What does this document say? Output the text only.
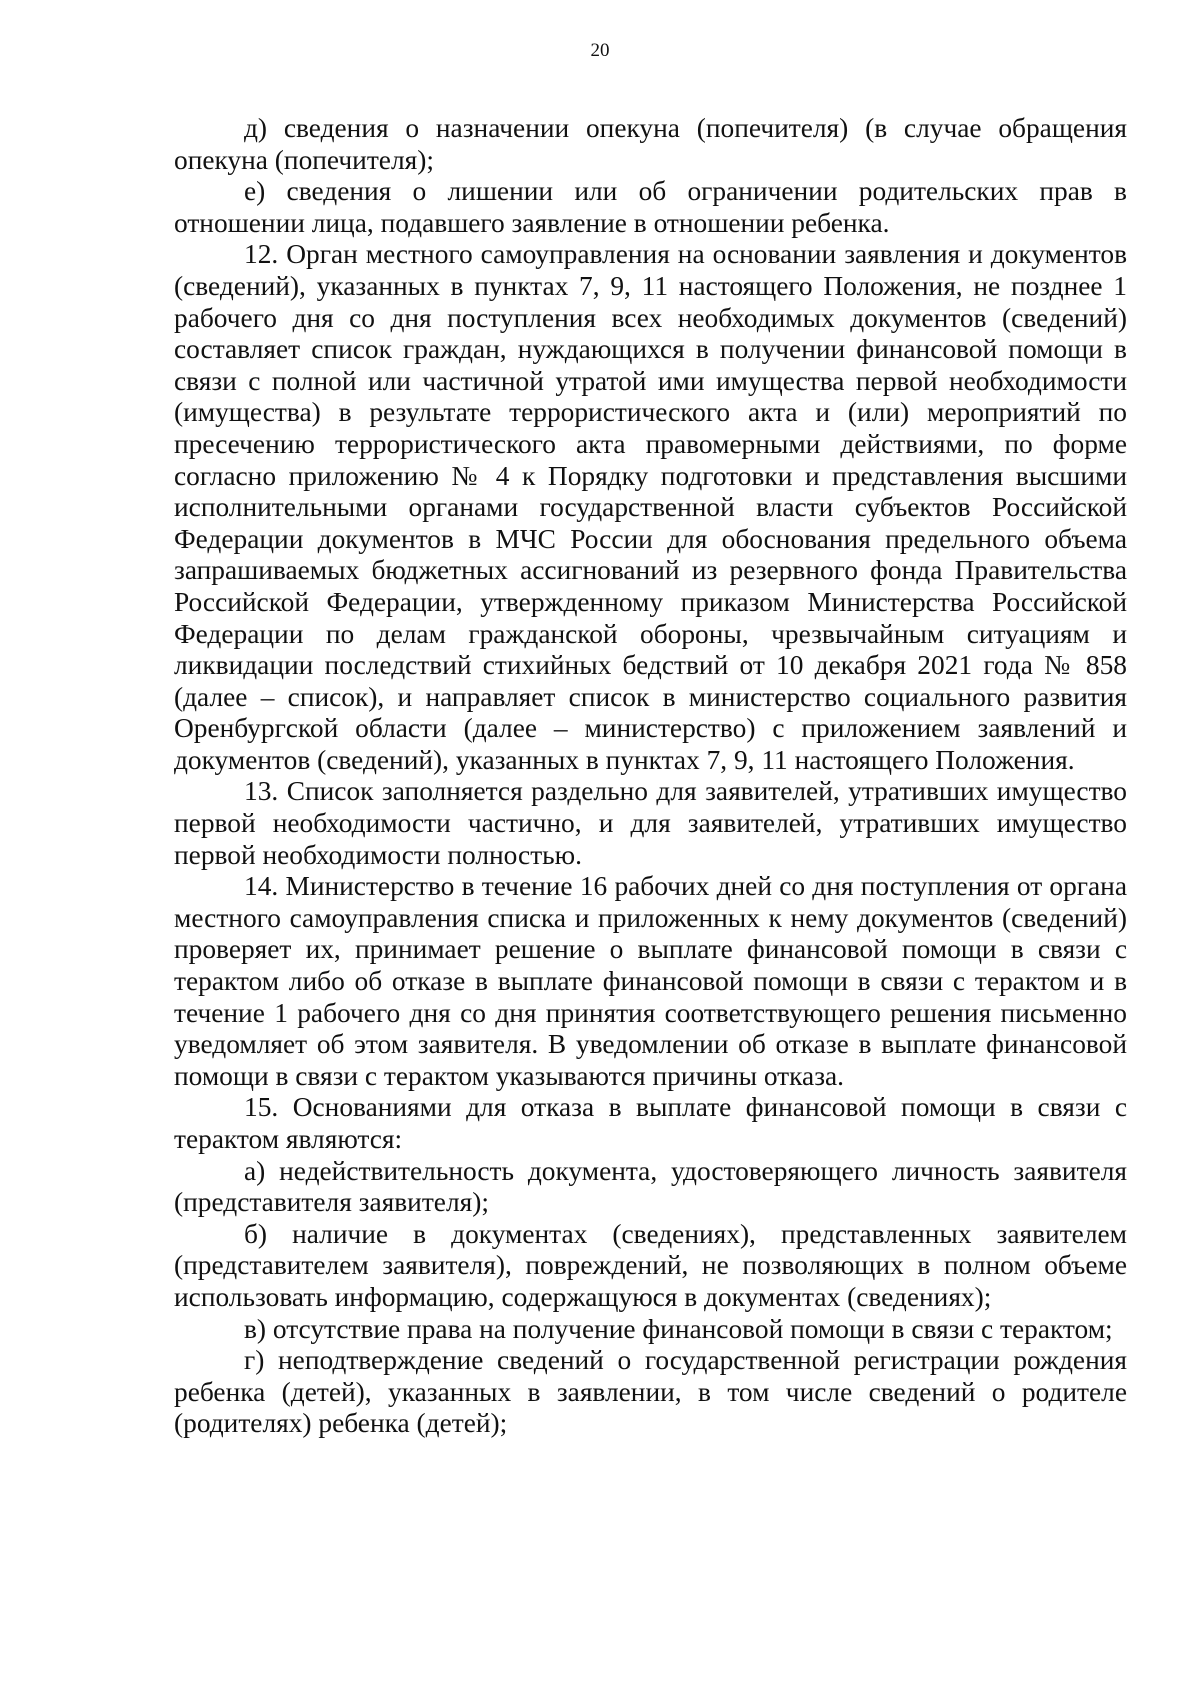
20

д) сведения о назначении опекуна (попечителя) (в случае обращения опекуна (попечителя);

е) сведения о лишении или об ограничении родительских прав в отношении лица, подавшего заявление в отношении ребенка.

12. Орган местного самоуправления на основании заявления и документов (сведений), указанных в пунктах 7, 9, 11 настоящего Положения, не позднее 1 рабочего дня со дня поступления всех необходимых документов (сведений) составляет список граждан, нуждающихся в получении финансовой помощи в связи с полной или частичной утратой ими имущества первой необходимости (имущества) в результате террористического акта и (или) мероприятий по пресечению террористического акта правомерными действиями, по форме согласно приложению № 4 к Порядку подготовки и представления высшими исполнительными органами государственной власти субъектов Российской Федерации документов в МЧС России для обоснования предельного объема запрашиваемых бюджетных ассигнований из резервного фонда Правительства Российской Федерации, утвержденному приказом Министерства Российской Федерации по делам гражданской обороны, чрезвычайным ситуациям и ликвидации последствий стихийных бедствий от 10 декабря 2021 года № 858 (далее – список), и направляет список в министерство социального развития Оренбургской области (далее – министерство) с приложением заявлений и документов (сведений), указанных в пунктах 7, 9, 11 настоящего Положения.

13. Список заполняется раздельно для заявителей, утративших имущество первой необходимости частично, и для заявителей, утративших имущество первой необходимости полностью.

14. Министерство в течение 16 рабочих дней со дня поступления от органа местного самоуправления списка и приложенных к нему документов (сведений) проверяет их, принимает решение о выплате финансовой помощи в связи с терактом либо об отказе в выплате финансовой помощи в связи с терактом и в течение 1 рабочего дня со дня принятия соответствующего решения письменно уведомляет об этом заявителя. В уведомлении об отказе в выплате финансовой помощи в связи с терактом указываются причины отказа.

15. Основаниями для отказа в выплате финансовой помощи в связи с терактом являются:

а) недействительность документа, удостоверяющего личность заявителя (представителя заявителя);

б) наличие в документах (сведениях), представленных заявителем (представителем заявителя), повреждений, не позволяющих в полном объеме использовать информацию, содержащуюся в документах (сведениях);

в) отсутствие права на получение финансовой помощи в связи с терактом;

г) неподтверждение сведений о государственной регистрации рождения ребенка (детей), указанных в заявлении, в том числе сведений о родителе (родителях) ребенка (детей);
